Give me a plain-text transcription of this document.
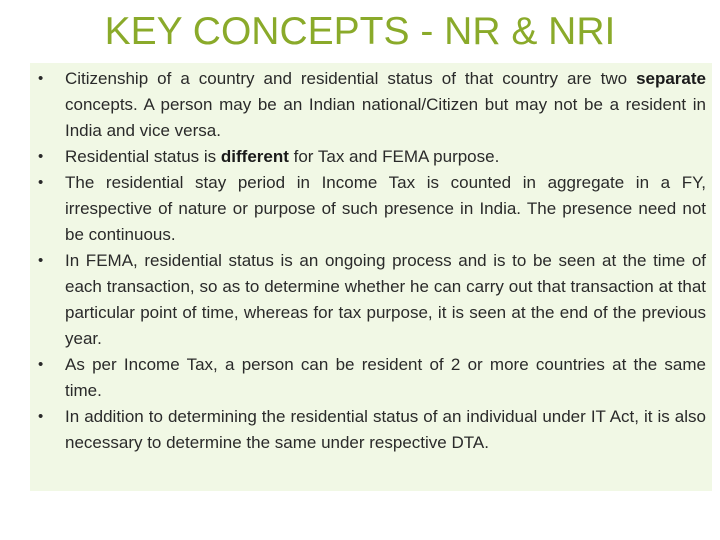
KEY CONCEPTS - NR & NRI
• Citizenship of a country and residential status of that country are two separate concepts. A person may be an Indian national/Citizen but may not be a resident in India and vice versa.
• Residential status is different for Tax and FEMA purpose.
• The residential stay period in Income Tax is counted in aggregate in a FY, irrespective of nature or purpose of such presence in India. The presence need not be continuous.
• In FEMA, residential status is an ongoing process and is to be seen at the time of each transaction, so as to determine whether he can carry out that transaction at that particular point of time, whereas for tax purpose, it is seen at the end of the previous year.
• As per Income Tax, a person can be resident of 2 or more countries at the same time.
• In addition to determining the residential status of an individual under IT Act, it is also necessary to determine the same under respective DTA.
